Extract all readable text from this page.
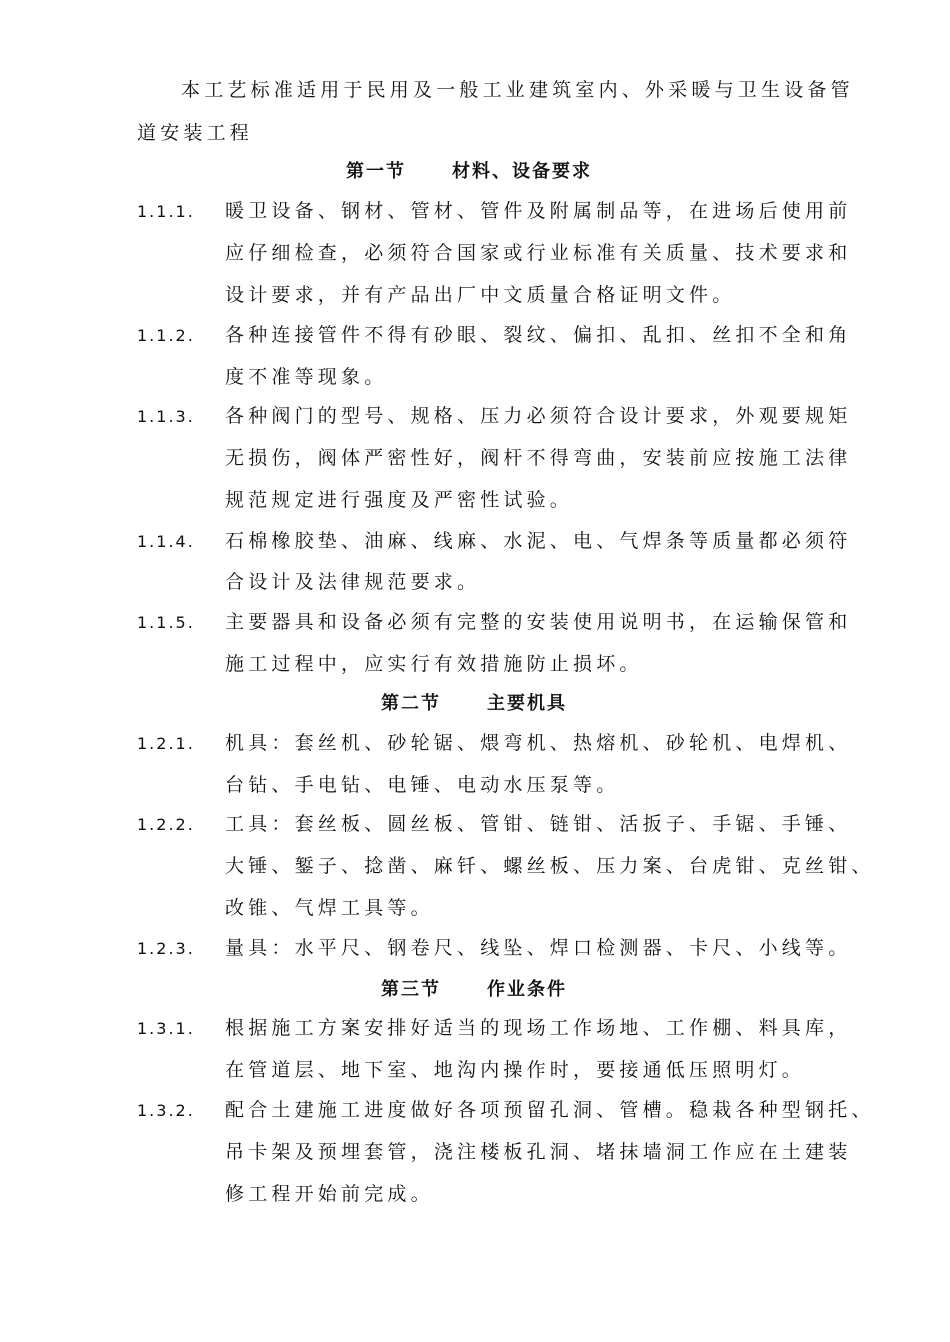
本工艺标准适用于民用及一般工业建筑室内、外采暖与卫生设备管
道安装工程
第一节	材料、设备要求
1.1.1. 暖卫设备、钢材、管材、管件及附属制品等，在进场后使用前
应仔细检查，必须符合国家或行业标准有关质量、技术要求和
设计要求，并有产品出厂中文质量合格证明文件。
1.1.2. 各种连接管件不得有砂眼、裂纹、偏扣、乱扣、丝扣不全和角
度不准等现象。
1.1.3. 各种阀门的型号、规格、压力必须符合设计要求，外观要规矩
无损伤，阀体严密性好，阀杆不得弯曲，安装前应按施工法律
规范规定进行强度及严密性试验。
1.1.4. 石棉橡胶垫、油麻、线麻、水泥、电、气焊条等质量都必须符
合设计及法律规范要求。
1.1.5. 主要器具和设备必须有完整的安装使用说明书，在运输保管和
施工过程中，应实行有效措施防止损坏。
第二节	主要机具
1.2.1. 机具：套丝机、砂轮锯、煨弯机、热熔机、砂轮机、电焊机、
台钻、手电钻、电锤、电动水压泵等。
1.2.2. 工具：套丝板、圆丝板、管钳、链钳、活扳子、手锯、手锤、
大锤、錾子、捻凿、麻钎、螺丝板、压力案、台虎钳、克丝钳、
改锥、气焊工具等。
1.2.3. 量具：水平尺、钢卷尺、线坠、焊口检测器、卡尺、小线等。
第三节	作业条件
1.3.1. 根据施工方案安排好适当的现场工作场地、工作棚、料具库，
在管道层、地下室、地沟内操作时，要接通低压照明灯。
1.3.2. 配合土建施工进度做好各项预留孔洞、管槽。稳栽各种型钢托、
吊卡架及预埋套管，浇注楼板孔洞、堵抹墙洞工作应在土建装
修工程开始前完成。
